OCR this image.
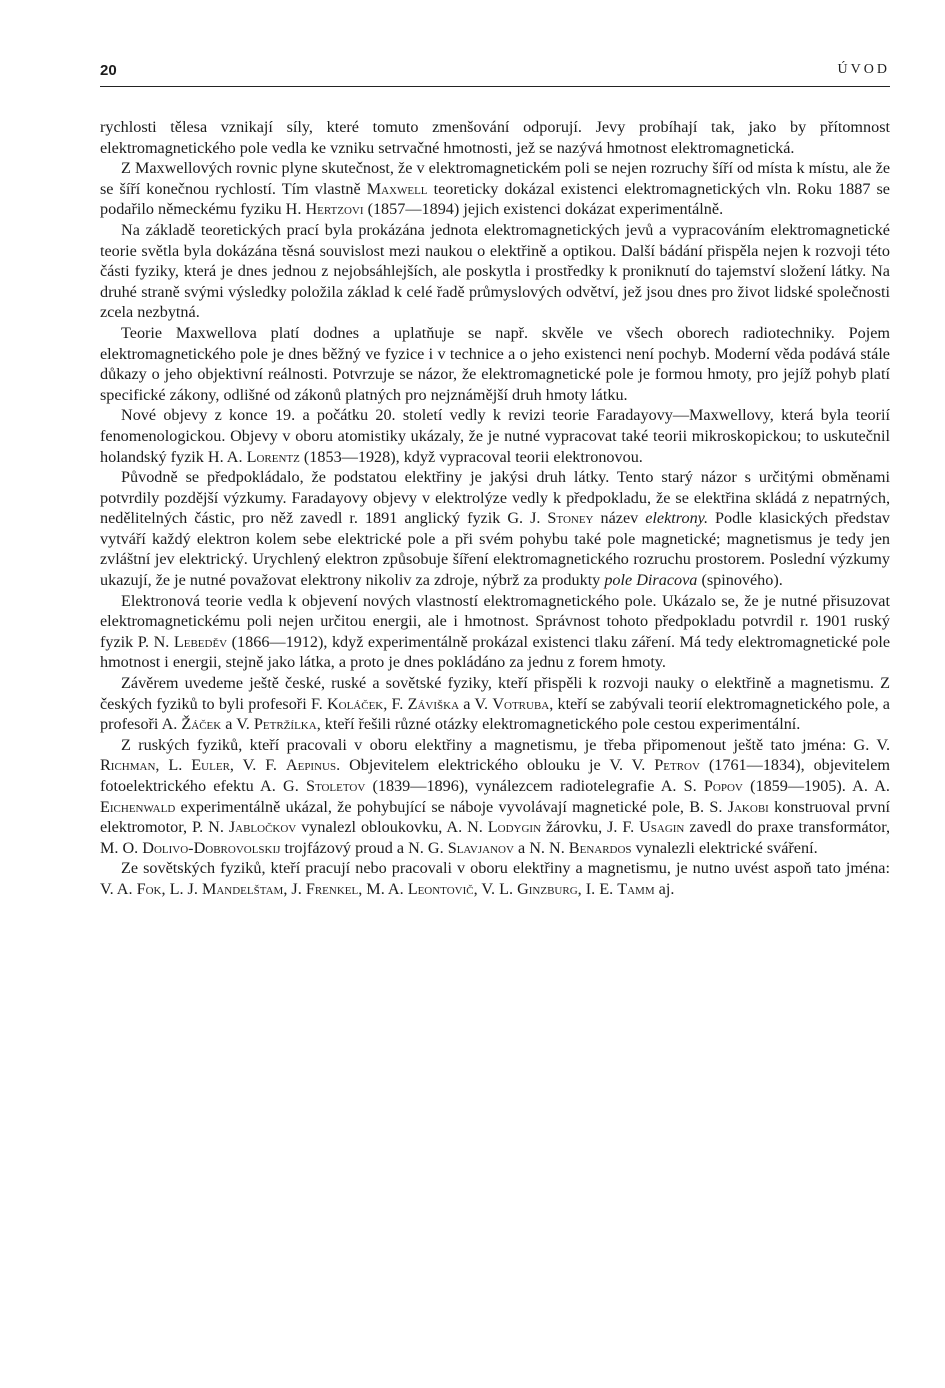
20	ÚVOD

rychlosti tělesa vznikají síly, které tomuto zmenšování odporují. Jevy probíhají tak, jako by přítomnost elektromagnetického pole vedla ke vzniku setrvačné hmotnosti, jež se nazývá hmotnost elektromagnetická.

Z Maxwellových rovnic plyne skutečnost, že v elektromagnetickém poli se nejen rozruchy šíří od místa k místu, ale že se šíří konečnou rychlostí. Tím vlastně Maxwell teoreticky dokázal existenci elektromagnetických vln. Roku 1887 se podařilo německému fyziku H. Hertzovi (1857—1894) jejich existenci dokázat experimentálně.

Na základě teoretických prací byla prokázána jednota elektromagnetických jevů a vypracováním elektromagnetické teorie světla byla dokázána těsná souvislost mezi naukou o elektřině a optikou. Další bádání přispěla nejen k rozvoji této části fyziky, která je dnes jednou z nejobsáhlejších, ale poskytla i prostředky k proniknutí do tajemství složení látky. Na druhé straně svými výsledky položila základ k celé řadě průmyslových odvětví, jež jsou dnes pro život lidské společnosti zcela nezbytná.

Teorie Maxwellova platí dodnes a uplatňuje se např. skvěle ve všech oborech radiotechniky. Pojem elektromagnetického pole je dnes běžný ve fyzice i v technice a o jeho existenci není pochyb. Moderní věda podává stále důkazy o jeho objektivní reálnosti. Potvrzuje se názor, že elektromagnetické pole je formou hmoty, pro jejíž pohyb platí specifické zákony, odlišné od zákonů platných pro nejznámější druh hmoty látku.

Nové objevy z konce 19. a počátku 20. století vedly k revizi teorie Faradayovy—Maxwellovy, která byla teorií fenomenologickou. Objevy v oboru atomistiky ukázaly, že je nutné vypracovat také teorii mikroskopickou; to uskutečnil holandský fyzik H. A. Lorentz (1853—1928), když vypracoval teorii elektronovou.

Původně se předpokládalo, že podstatou elektřiny je jakýsi druh látky. Tento starý názor s určitými obměnami potvrdily pozdější výzkumy. Faradayovy objevy v elektrolýze vedly k předpokladu, že se elektřina skládá z nepatrných, nedělitelných částic, pro něž zavedl r. 1891 anglický fyzik G. J. Stoney název elektrony. Podle klasických představ vytváří každý elektron kolem sebe elektrické pole a při svém pohybu také pole magnetické; magnetismus je tedy jen zvláštní jev elektrický. Urychlený elektron způsobuje šíření elektromagnetického rozruchu prostorem. Poslední výzkumy ukazují, že je nutné považovat elektrony nikoliv za zdroje, nýbrž za produkty pole Diracova (spinového).

Elektronová teorie vedla k objevení nových vlastností elektromagnetického pole. Ukázalo se, že je nutné přisuzovat elektromagnetickému poli nejen určitou energii, ale i hmotnost. Správnost tohoto předpokladu potvrdil r. 1901 ruský fyzik P. N. Lebeděv (1866—1912), když experimentálně prokázal existenci tlaku záření. Má tedy elektromagnetické pole hmotnost i energii, stejně jako látka, a proto je dnes pokládáno za jednu z forem hmoty.

Závěrem uvedeme ještě české, ruské a sovětské fyziky, kteří přispěli k rozvoji nauky o elektřině a magnetismu. Z českých fyziků to byli profesoři F. Koláček, F. Záviška a V. Votruba, kteří se zabývali teorií elektromagnetického pole, a profesoři A. Žáček a V. Petržílka, kteří řešili různé otázky elektromagnetického pole cestou experimentální.

Z ruských fyziků, kteří pracovali v oboru elektřiny a magnetismu, je třeba připomenout ještě tato jména: G. V. Richman, L. Euler, V. F. Aepinus. Objevitelem elektrického oblouku je V. V. Petrov (1761—1834), objevitelem fotoelektrického efektu A. G. Stoletov (1839—1896), vynálezcem radiotelegrafie A. S. Popov (1859—1905). A. A. Eichenwald experimentálně ukázal, že pohybující se náboje vyvolávají magnetické pole, B. S. Jakobi konstruoval první elektromotor, P. N. Jabločkov vynalezl obloukovku, A. N. Lodygin žárovku, J. F. Usagin zavedl do praxe transformátor, M. O. Dolivo-Dobrovolskij trojfázový proud a N. G. Slavjanov a N. N. Benardos vynalezli elektrické sváření.

Ze sovětských fyziků, kteří pracují nebo pracovali v oboru elektřiny a magnetismu, je nutno uvést aspoň tato jména: V. A. Fok, L. J. Mandelštam, J. Frenkel, M. A. Leontovič, V. L. Ginzburg, I. E. Tamm aj.
